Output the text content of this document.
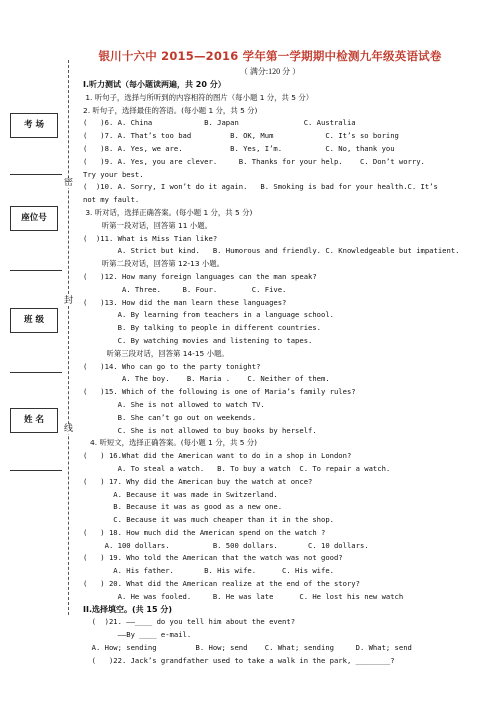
银川十六中 2015—2016 学年第一学期期中检测九年级英语试卷
（ 满分:120 分 ）
密
封
线
考 场
座位号
班 级
姓 名
I.听力测试（每小题读两遍，共 20 分）
1. 听句子，选择与所听到的内容相符的图片（每小题 1 分，共 5 分）
2. 听句子，选择最佳的答语。(每小题 1 分，共 5 分)
(   )6. A. China            B. Japan               C. Australia
(   )7. A. That’s too bad         B. OK, Mum            C. It’s so boring
(   )8. A. Yes, we are.           B. Yes, I’m.          C. No, thank you
(   )9. A. Yes, you are clever.     B. Thanks for your help.    C. Don’t worry.
Try your best.
(  )10. A. Sorry, I won’t do it again.   B. Smoking is bad for your health.C. It’s
not my fault.
3. 听对话，选择正确答案。(每小题 1 分，共 5 分)
听第一段对话，回答第 11 小题。
(  )11. What is Miss Tian like?
A. Strict but kind.   B. Humorous and friendly. C. Knowledgeable but impatient.
听第二段对话，回答第 12-13 小题。
(   )12. How many foreign languages can the man speak?
A. Three.     B. Four.        C. Five.
(   )13. How did the man learn these languages?
A. By learning from teachers in a language school.
B. By talking to people in different countries.
C. By watching movies and listening to tapes.
听第三段对话，回答第 14-15 小题。
(   )14. Who can go to the party tonight?
A. The boy.    B. Maria .    C. Neither of them.
(   )15. Which of the following is one of Maria’s family rules?
A. She is not allowed to watch TV.
B. She can’t go out on weekends.
C. She is not allowed to buy books by herself.
4. 听短文，选择正确答案。(每小题 1 分，共 5 分)
(   ) 16.What did the American want to do in a shop in London?
A. To steal a watch.   B. To buy a watch  C. To repair a watch.
(   ) 17. Why did the American buy the watch at once?
A. Because it was made in Switzerland.
B. Because it was as good as a new one.
C. Because it was much cheaper than it in the shop.
(   ) 18. How much did the American spend on the watch ?
A. 100 dollars.          B. 500 dollars.       C. 10 dollars.
(   ) 19. Who told the American that the watch was not good?
A. His father.       B. His wife.      C. His wife.
(   ) 20. What did the American realize at the end of the story?
A. He was fooled.     B. He was late      C. He lost his new watch
II.选择填空。(共 15 分)
(  )21. ——____ do you tell him about the event?
——By ____ e-mail.
A. How; sending         B. How; send    C. What; sending     D. What; send
(   )22. Jack’s grandfather used to take a walk in the park, ________?
